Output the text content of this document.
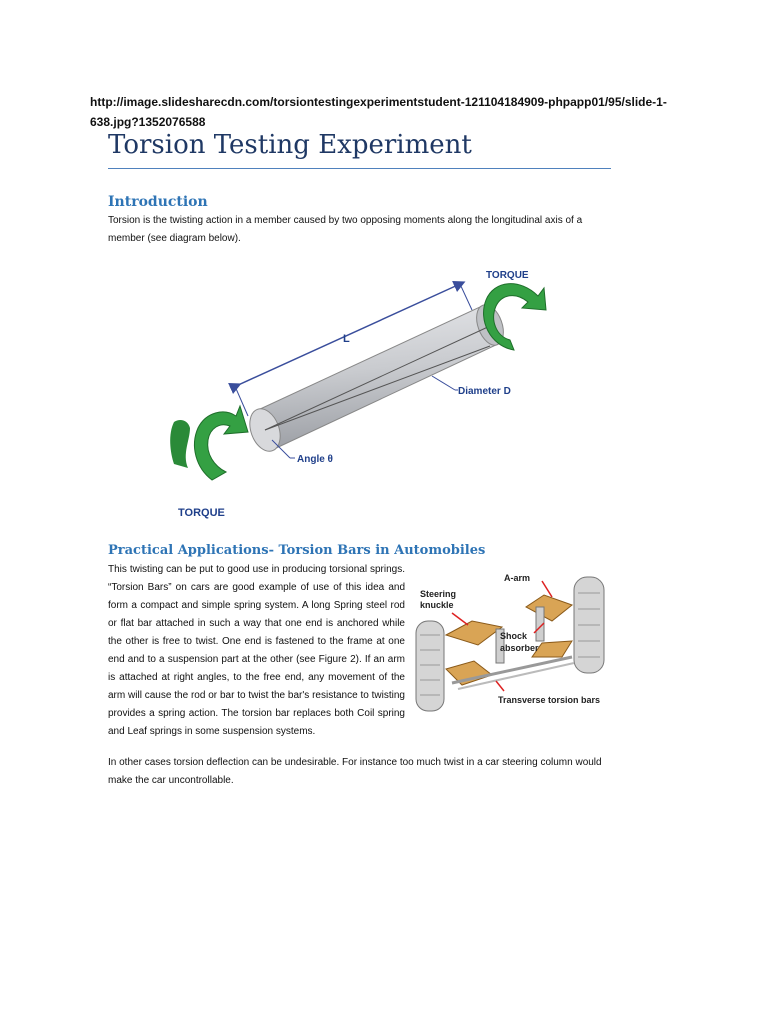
http://image.slidesharecdn.com/torsiontestingexperimentstudent-121104184909-phpapp01/95/slide-1-638.jpg?1352076588
Torsion Testing Experiment
Introduction

Torsion is the twisting action in a member caused by two opposing moments along the longitudinal axis of a member (see diagram below).

L
Diameter D
Angle θ
TORQUE
TORQUE
Practical Applications- Torsion Bars in Automobiles

This twisting can be put to good use in producing torsional springs. “Torsion Bars” on cars are good example of use of this idea and form a compact and simple spring system. A long Spring steel rod or flat bar attached in such a way that one end is anchored while the other is free to twist. One end is fastened to the frame at one end and to a suspension part at the other (see Figure 2). If an arm is attached at right angles, to the free end, any movement of the arm will cause the rod or bar to twist the bar's resistance to twisting provides a spring action. The torsion bar replaces both Coil spring and Leaf springs in some suspension systems.

Steering knuckle
A-arm
Shock absorber
Transverse torsion bars

In other cases torsion deflection can be undesirable. For instance too much twist in a car steering column would make the car uncontrollable.
